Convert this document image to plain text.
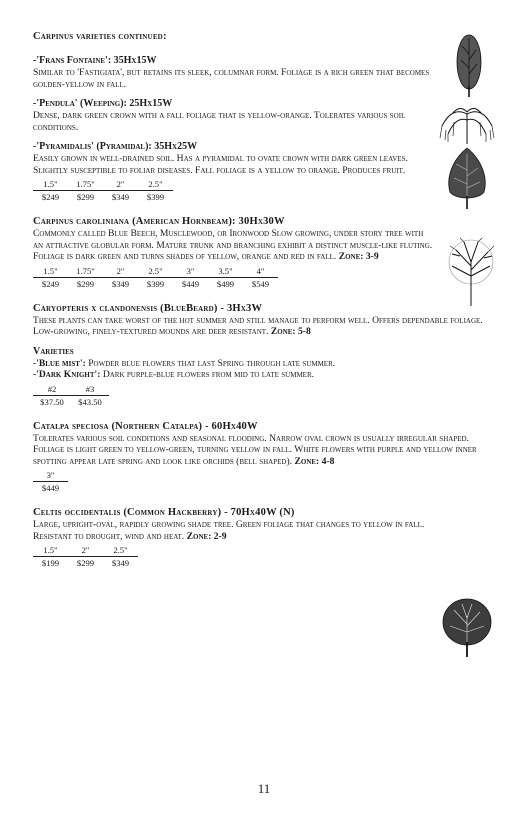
Carpinus varieties continued:

-'Frans Fontaine': 35Hx15W

Similar to 'Fastigiata', but retains its sleek, columnar form. Foliage is a rich green that becomes golden-yellow in fall.

-'Pendula' (Weeping): 25Hx15W

Dense, dark green crown with a fall foliage that is yellow-orange. Tolerates various soil conditions.

-'Pyramidalis' (Pyramidal): 35Hx25W

Easily grown in well-drained soil. Has a pyramidal to ovate crown with dark green leaves. Slightly susceptible to foliar diseases. Fall foliage is a yellow to orange. Produces fruit.

1.5"	1.75"	2"	2.5"
$249	$299	$349	$399

Carpinus caroliniana (American Hornbeam): 30Hx30W

Commonly called Blue Beech, Musclewood, or Ironwood Slow growing, under story tree with an attractive globular form. Mature trunk and branching exhibit a distinct muscle-like fluting. Foliage is dark green and turns shades of yellow, orange and red in fall. Zone: 3-9

1.5"	1.75"	2"	2.5"	3"	3.5"	4"
$249	$299	$349	$399	$449	$499	$549

Caryopteris x clandonensis (BlueBeard) - 3Hx3W

These plants can take worst of the hot summer and still manage to perform well. Offers dependable foliage. Low-growing, finely-textured mounds are deer resistant. Zone: 5-8

Varieties

-'Blue mist': Powder blue flowers that last Spring through late summer.

-'Dark Knight': Dark purple-blue flowers from mid to late summer.

#2	#3
$37.50	$43.50

Catalpa speciosa (Northern Catalpa) - 60Hx40W

Tolerates various soil conditions and seasonal flooding. Narrow oval crown is usually irregular shaped. Foliage is light green to yellow-green, turning yellow in fall. White flowers with purple and yellow inner spotting appear late spring and look like orchids (bell shaped). Zone: 4-8

3"
$449

Celtis occidentalis (Common Hackberry) - 70Hx40W (N)

Large, upright-oval, rapidly growing shade tree. Green foliage that changes to yellow in fall. Resistant to drought, wind and heat. Zone: 2-9

1.5"	2"	2.5"
$199	$299	$349
11
